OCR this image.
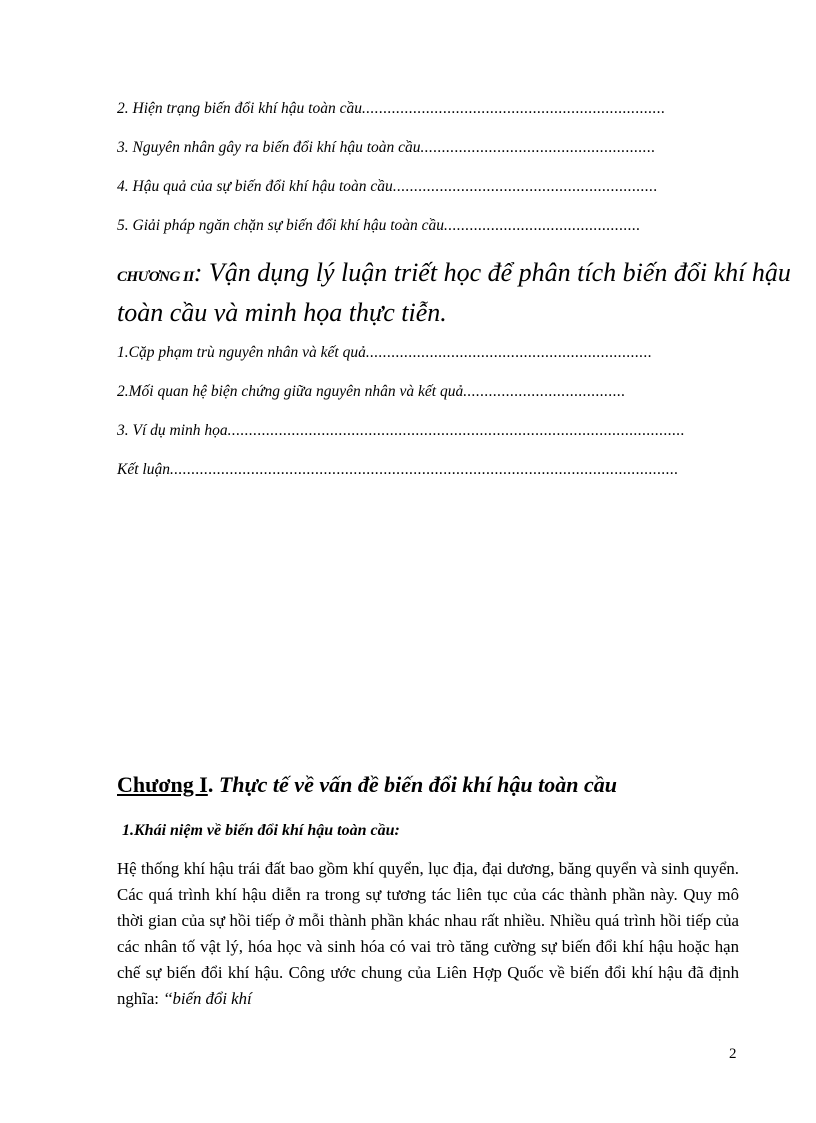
2. Hiện trạng biến đổi khí hậu toàn cầu.......................................................................
3. Nguyên nhân gây ra biến đổi khí hậu toàn cầu.......................................................
4. Hậu quả của sự biến đổi khí hậu toàn cầu..............................................................
5. Giải pháp ngăn chặn sự biến đổi khí hậu toàn cầu..............................................
CHƯƠNG II: Vận dụng lý luận triết học để phân tích biến đổi khí hậu toàn cầu và minh họa thực tiễn.
1.Cặp phạm trù nguyên nhân và kết quả...................................................................
2.Mối quan hệ biện chứng giữa nguyên nhân và kết quả......................................
3. Ví dụ minh họa...........................................................................................................
Kết luận.......................................................................................................................
Chương I. Thực tế về vấn đề biến đổi khí hậu toàn cầu
1.Khái niệm về biến đổi khí hậu toàn cầu:
Hệ thống khí hậu trái đất bao gồm khí quyển, lục địa, đại dương, băng quyển và sinh quyển. Các quá trình khí hậu diễn ra trong sự tương tác liên tục của các thành phần này. Quy mô thời gian của sự hồi tiếp ở mỗi thành phần khác nhau rất nhiều. Nhiều quá trình hồi tiếp của các nhân tố vật lý, hóa học và sinh hóa có vai trò tăng cường sự biến đổi khí hậu hoặc hạn chế sự biến đổi khí hậu. Công ước chung của Liên Hợp Quốc về biến đổi khí hậu đã định nghĩa: ‘‘biến đổi khí
2
